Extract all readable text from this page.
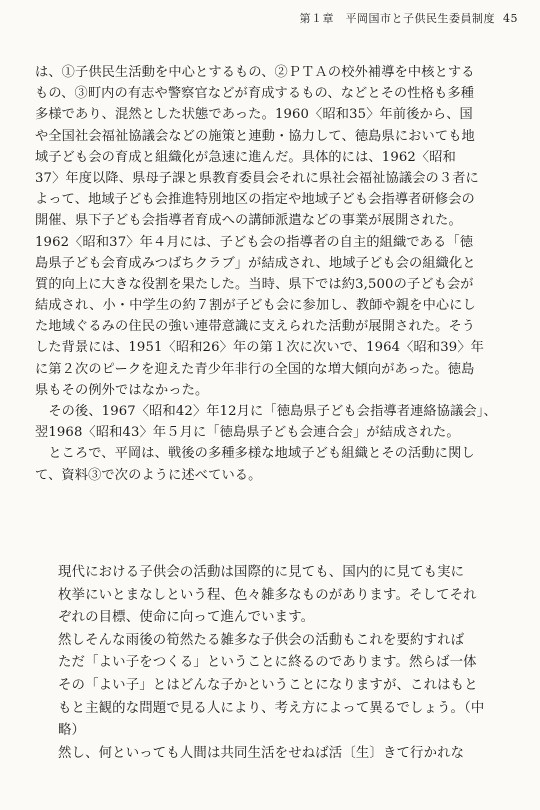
第１章　平岡国市と子供民生委員制度 45
は、①子供民生活動を中心とするもの、②ＰＴＡの校外補導を中核とする
もの、③町内の有志や警察官などが育成するもの、などとその性格も多種
多様であり、混然とした状態であった。1960〈昭和35〉年前後から、国
や全国社会福祉協議会などの施策と連動・協力して、徳島県においても地
域子ども会の育成と組織化が急速に進んだ。具体的には、1962〈昭和
37〉年度以降、県母子課と県教育委員会それに県社会福祉協議会の３者に
よって、地域子ども会推進特別地区の指定や地域子ども会指導者研修会の
開催、県下子ども会指導者育成への講師派遣などの事業が展開された。
1962〈昭和37〉年４月には、子ども会の指導者の自主的組織である「徳
島県子ども会育成みつばちクラブ」が結成され、地域子ども会の組織化と
質的向上に大きな役割を果たした。当時、県下では約3,500の子ども会が
結成され、小・中学生の約７割が子ども会に参加し、教師や親を中心にし
た地域ぐるみの住民の強い連帯意識に支えられた活動が展開された。そう
した背景には、1951〈昭和26〉年の第１次に次いで、1964〈昭和39〉年
に第２次のピークを迎えた青少年非行の全国的な増大傾向があった。徳島
県もその例外ではなかった。
　その後、1967〈昭和42〉年12月に「徳島県子ども会指導者連絡協議会」、
翌1968〈昭和43〉年５月に「徳島県子ども会連合会」が結成された。
　ところで、平岡は、戦後の多種多様な地域子ども組織とその活動に関し
て、資料③で次のように述べている。
現代における子供会の活動は国際的に見ても、国内的に見ても実に
枚挙にいとまなしという程、色々雑多なものがあります。そしてそれ
ぞれの目標、使命に向って進んでいます。
然しそんな雨後の筍然たる雑多な子供会の活動もこれを要約すれば
ただ「よい子をつくる」ということに終るのであります。然らば一体
その「よい子」とはどんな子かということになりますが、これはもと
もと主観的な問題で見る人により、考え方によって異るでしょう。（中
略）
然し、何といっても人間は共同生活をせねば活〔生〕きて行かれな
